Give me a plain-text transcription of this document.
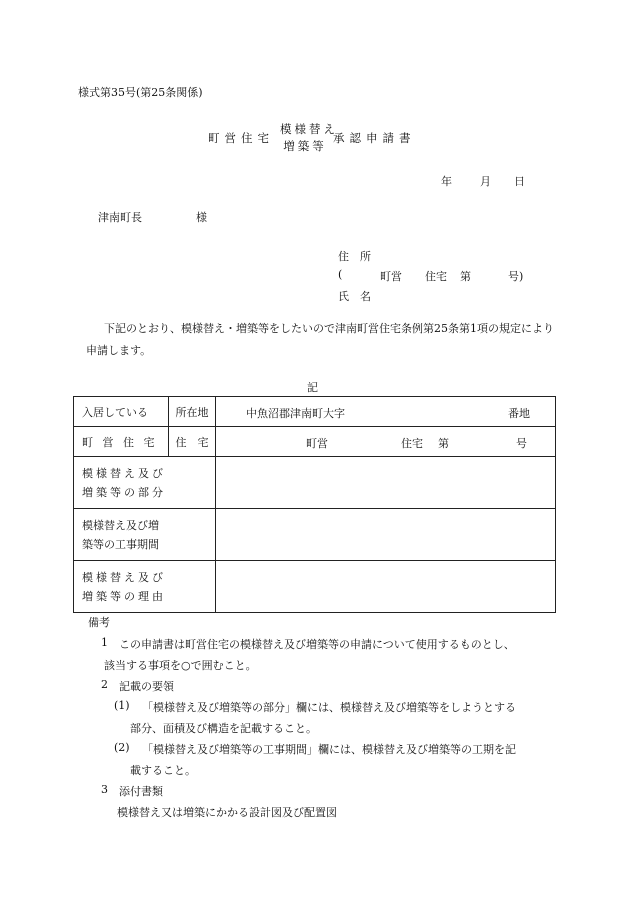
様式第35号(第25条関係)
町営住宅
模様替え
増築等
承認申請書
年	月 日
津南町長	様
住　所
(	町営 住宅 第	号)
氏　名
下記のとおり、模様替え・増築等をしたいので津南町営住宅条例第25条第1項の規定により申請します。
記
入居している	所在地	中魚沼郡津南町大字 番地

町 営 住 宅	住　宅	町営 住宅 第 号

模様替え及び
増築等の部分		

模様替え及び増
築等の工事期間		

模様替え及び
増築等の理由		

備考
1 この申請書は町営住宅の模様替え及び増築等の申請について使用するものとし、
該当する事項を○で囲むこと。
2 記載の要領
(1) 「模様替え及び増築等の部分」欄には、模様替え及び増築等をしようとする
部分、面積及び構造を記載すること。
(2) 「模様替え及び増築等の工事期間」欄には、模様替え及び増築等の工期を記
載すること。
3 添付書類
模様替え又は増築にかかる設計図及び配置図
